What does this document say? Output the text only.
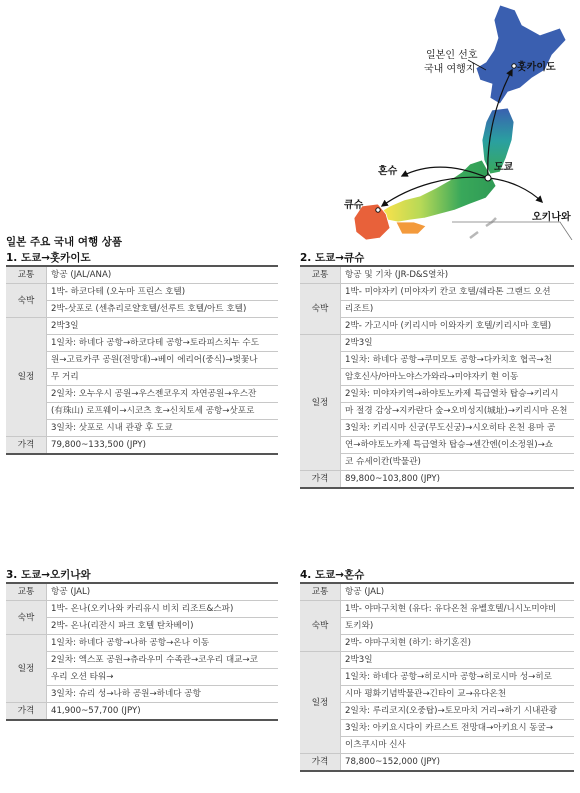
일본인 선호
국내 여행지	홋카이도
혼슈	도쿄
큐슈
오키나와
일본 주요 국내 여행 상품
1. 도쿄→홋카이도
교통	항공 (JAL/ANA)
숙박	1박- 하코다테 (오누마 프린스 호텔)
	2박-삿포로 (센츄리로얄호텔/선루트 호텔/아트 호텔)
일정	2박3일
	1일차: 하네다 공항→하코다테 공항→토라피스치누 수도
	원→고료카쿠 공원(전망대)→베이 에리어(중식)→벚꽃나
	무 거리
	2일차: 오누우시 공원→우스젠코우지 자연공원→우스잔
	(有珠山) 로프웨이→시코츠 호→신치토세 공항→삿포로
	3일차: 삿포로 시내 관광 후 도쿄
가격	79,800~133,500 (JPY)
2. 도쿄→큐슈
교통	항공 및 기차 (JR-D&S열차)
숙박	1박- 미야자키 (미야자키 칸코 호텔/쉐라톤 그랜드 오션
	리조트)
	2박- 가고시마 (키리시마 이와자키 호텔/키리시마 호텔)
일정	2박3일
	1일차: 하네다 공항→쿠미모토 공항→다카치호 협곡→천
	암호신사/아마노야스가와라→미야자키 현 이동
	2일차: 미야자키역→하야토노카제 특급열차 탑승→키리시
	마 절경 감상→지카란다 숲→오비성지(城址)→키리시마 온천
	3일차: 키리시마 신궁(무도신궁)→시오히타 온천 용마 공
	연→하야토노카제 특급열차 탑승→센간엔(이소정원)→쇼
	코 슈세이칸(박물관)
가격	89,800~103,800 (JPY)
3. 도쿄→오키나와
교통	항공 (JAL)
숙박	1박- 온나(오키나와 카리유시 비치 리조트&스파)
	2박- 온나(리잔시 파크 호텔 탄차베이)
일정	1일차: 하네다 공항→나하 공항→온나 이동
	2일차: 엑스포 공원→츄라우미 수족관→코우리 대교→코
	우리 오션 타워→
	3일차: 슈리 성→나하 공원→하네다 공항
가격	41,900~57,700 (JPY)
4. 도쿄→혼슈
교통	항공 (JAL)
숙박	1박- 야마구치현 (유다: 유다온천 유벨호텔/니시노미야비
	토키와)
	2박- 야마구치현 (하기: 하기혼진)
일정	2박3일
	1일차: 하네다 공항→히로시마 공항→히로시마 성→히로
	시마 평화기념박물관→긴타이 교→유다온천
	2일차: 루리코지(오중탑)→토모마치 거리→하기 시내관광
	3일차: 아키요시다이 카르스트 전망대→아키요시 동굴→
	이츠쿠시마 신사
가격	78,800~152,000 (JPY)
